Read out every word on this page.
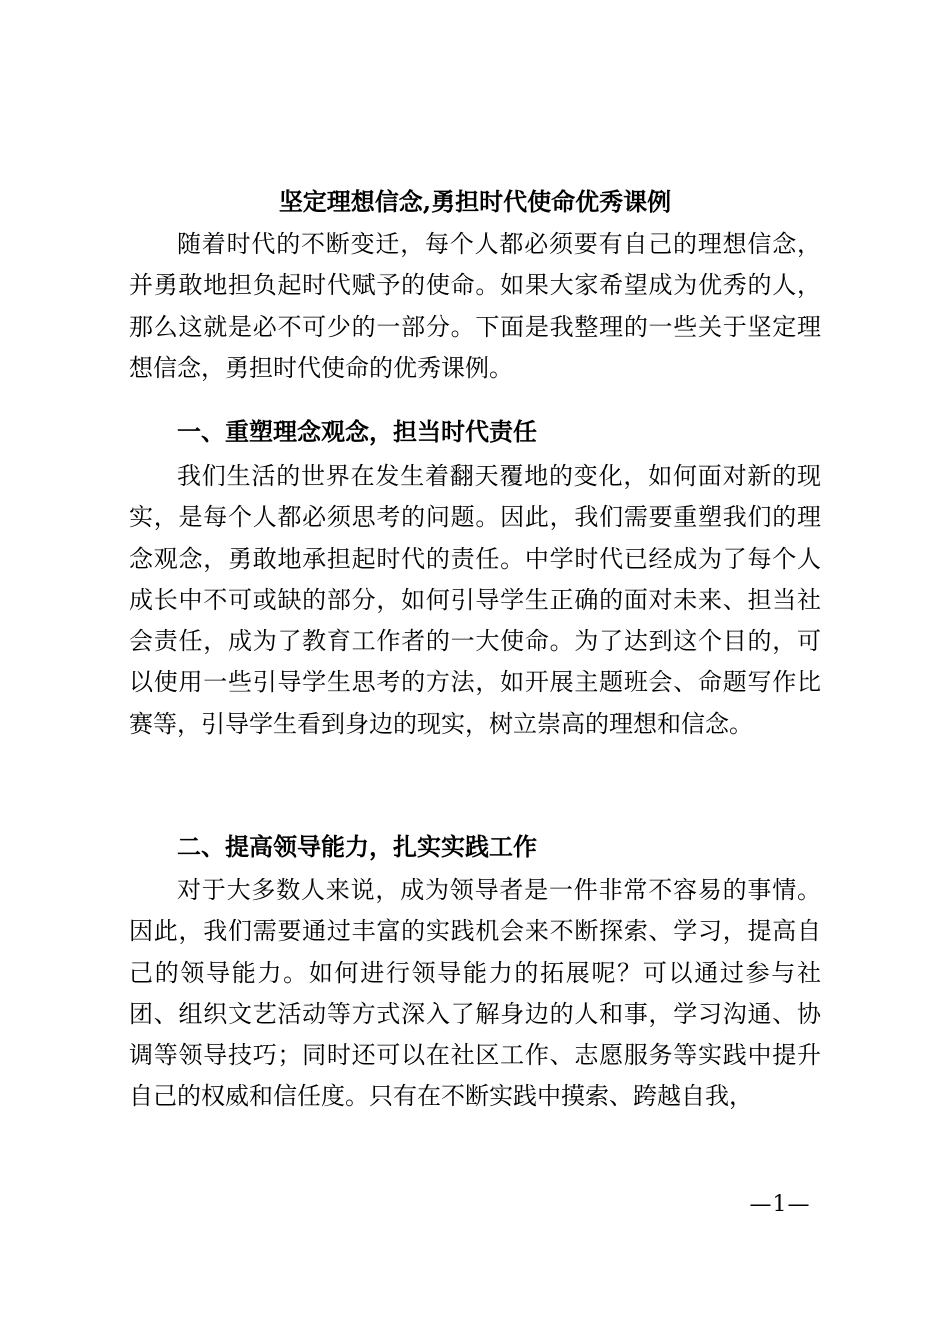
坚定理想信念,勇担时代使命优秀课例

随着时代的不断变迁，每个人都必须要有自己的理想信念，并勇敢地担负起时代赋予的使命。如果大家希望成为优秀的人，那么这就是必不可少的一部分。下面是我整理的一些关于坚定理想信念，勇担时代使命的优秀课例。

一、重塑理念观念，担当时代责任

我们生活的世界在发生着翻天覆地的变化，如何面对新的现实，是每个人都必须思考的问题。因此，我们需要重塑我们的理念观念，勇敢地承担起时代的责任。中学时代已经成为了每个人成长中不可或缺的部分，如何引导学生正确的面对未来、担当社会责任，成为了教育工作者的一大使命。为了达到这个目的，可以使用一些引导学生思考的方法，如开展主题班会、命题写作比赛等，引导学生看到身边的现实，树立崇高的理想和信念。

二、提高领导能力，扎实实践工作

对于大多数人来说，成为领导者是一件非常不容易的事情。因此，我们需要通过丰富的实践机会来不断探索、学习，提高自己的领导能力。如何进行领导能力的拓展呢？可以通过参与社团、组织文艺活动等方式深入了解身边的人和事，学习沟通、协调等领导技巧；同时还可以在社区工作、志愿服务等实践中提升自己的权威和信任度。只有在不断实践中摸索、跨越自我，

—1—
